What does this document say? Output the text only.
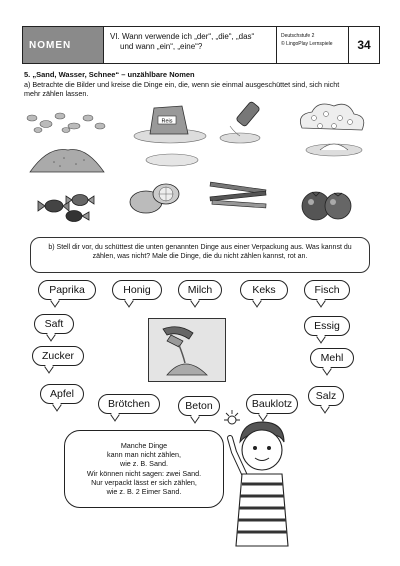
NOMEN
VI. Wann verwende ich „der“, „die“, „das“
und wann „ein“, „eine“?
Deutschstufe 2
© LingoPlay Lernspiele	34
5. „Sand, Wasser, Schnee“ – unzählbare Nomen
a) Betrachte die Bilder und kreise die Dinge ein, die, wenn sie einmal ausgeschüttet sind, sich nicht mehr zählen lassen.
Reis
b) Stell dir vor, du schüttest die unten genannten Dinge aus einer Verpackung aus. Was kannst du zählen, was nicht? Male die Dinge, die du nicht zählen kannst, rot an.
Paprika	Honig	Milch	Keks	Fisch
Saft	Essig
Zucker	Mehl
Apfel
Brötchen	Beton	Bauklotz
Salz
Manche Dinge
kann man nicht zählen,
wie z. B. Sand.
Wir können nicht sagen: zwei Sand.
Nur verpackt lässt er sich zählen,
wie z. B. 2 Eimer Sand.
